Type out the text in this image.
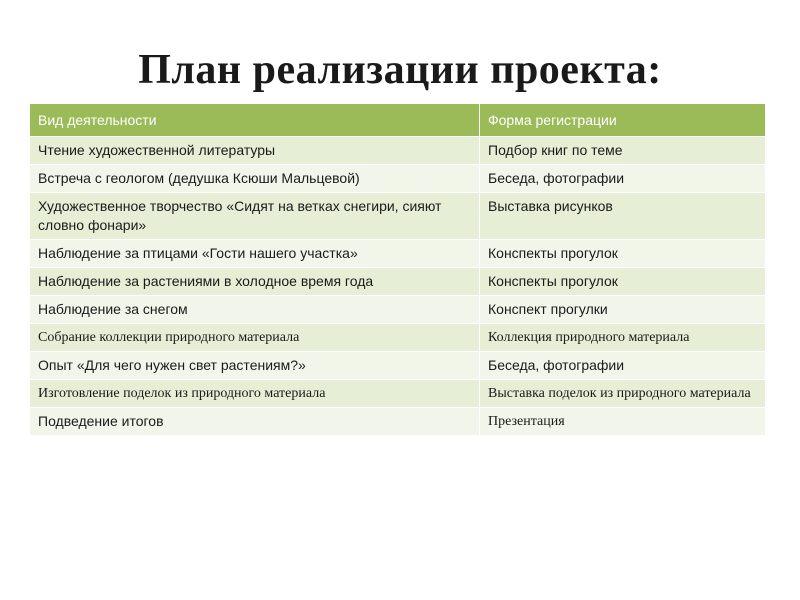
План реализации проекта:
Вид деятельности	Форма регистрации
Чтение художественной литературы	Подбор книг по теме
Встреча с геологом (дедушка Ксюши Мальцевой)	Беседа, фотографии
Художественное творчество «Сидят на ветках снегири, сияют словно фонари»	Выставка рисунков
Наблюдение за птицами «Гости нашего участка»	Конспекты прогулок
Наблюдение за растениями в холодное время года	Конспекты прогулок
Наблюдение за снегом	Конспект прогулки
Собрание коллекции природного материала	Коллекция природного материала
Опыт «Для чего нужен свет растениям?»	Беседа, фотографии
Изготовление поделок из природного материала	Выставка поделок из природного материала
Подведение итогов	Презентация
